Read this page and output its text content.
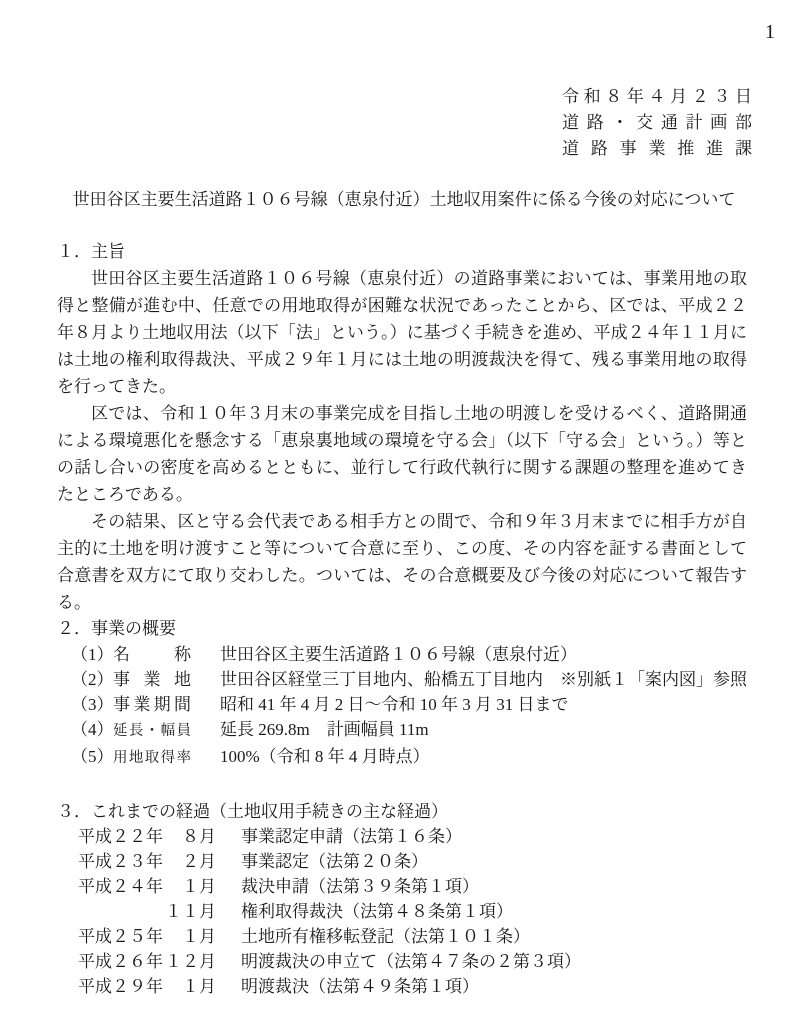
1
令和８年４月２３日
道路・交通計画部
道路事業推進課
世田谷区主要生活道路１０６号線（恵泉付近）土地収用案件に係る今後の対応について
１．主旨

世田谷区主要生活道路１０６号線（恵泉付近）の道路事業においては、事業用地の取得と整備が進む中、任意での用地取得が困難な状況であったことから、区では、平成２２年８月より土地収用法（以下「法」という。）に基づく手続きを進め、平成２４年１１月には土地の権利取得裁決、平成２９年１月には土地の明渡裁決を得て、残る事業用地の取得を行ってきた。

区では、令和１０年３月末の事業完成を目指し土地の明渡しを受けるべく、道路開通による環境悪化を懸念する「恵泉裏地域の環境を守る会」（以下「守る会」という。）等との話し合いの密度を高めるとともに、並行して行政代執行に関する課題の整理を進めてきたところである。

その結果、区と守る会代表である相手方との間で、令和９年３月末までに相手方が自主的に土地を明け渡すこと等について合意に至り、この度、その内容を証する書面として合意書を双方にて取り交わした。ついては、その合意概要及び今後の対応について報告する。

２．事業の概要
（1） 名称 世田谷区主要生活道路１０６号線（恵泉付近）
（2） 事業地 世田谷区経堂三丁目地内、船橋五丁目地内　※別紙１「案内図」参照
（3） 事業期間 昭和 41 年 4 月 2 日～令和 10 年 3 月 31 日まで
（4） 延長・幅員 延長 269.8m　計画幅員 11m
（5） 用地取得率 100%（令和 8 年 4 月時点）
３．これまでの経過（土地収用手続きの主な経過）
平成２２年	８月 事業認定申請（法第１６条）
平成２３年	２月 事業認定（法第２０条）
平成２４年	１月 裁決申請（法第３９条第１項）
１１月 権利取得裁決（法第４８条第１項）
平成２５年	１月 土地所有権移転登記（法第１０１条）
平成２６年 １２月 明渡裁決の申立て（法第４７条の２第３項）
平成２９年	１月 明渡裁決（法第４９条第１項）
